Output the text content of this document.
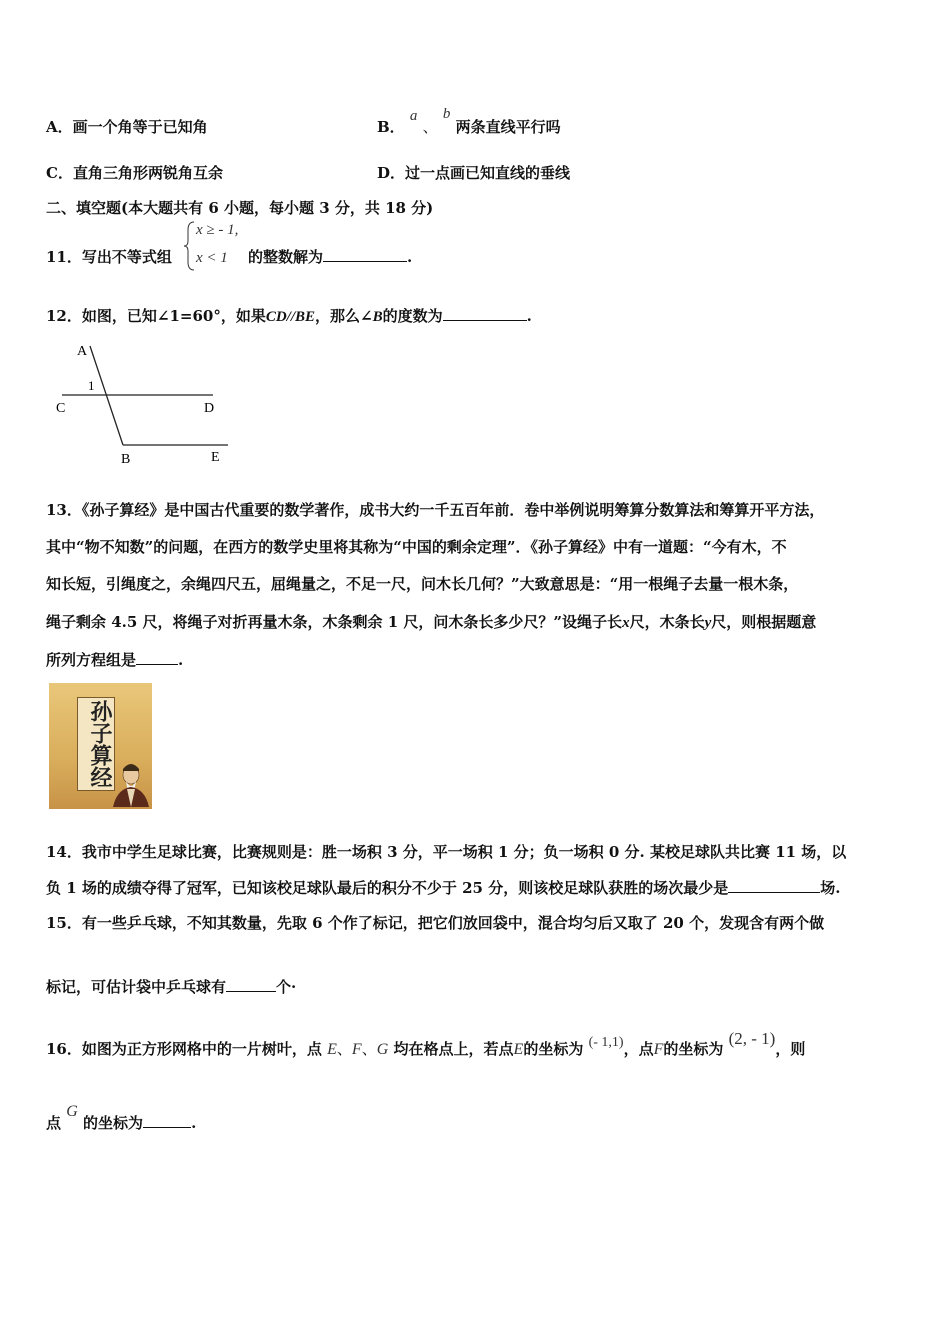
A．画一个角等于已知角	B． a 、 b 两条直线平行吗
C．直角三角形两锐角互余	D．过一点画已知直线的垂线
二、填空题(本大题共有 6 小题，每小题 3 分，共 18 分)
11．写出不等式组
x ≥ - 1,
x < 1 的整数解为	.
12．如图，已知∠1=60°，如果CD//BE，那么∠B的度数为	.
A
1
C	D
B	E
13．《孙子算经》是中国古代重要的数学著作，成书大约一千五百年前．卷中举例说明筹算分数算法和筹算开平方法，
其中“物不知数”的问题，在西方的数学史里将其称为“中国的剩余定理”．《孙子算经》中有一道题：“今有木，不
知长短，引绳度之，余绳四尺五，屈绳量之，不足一尺，问木长几何？”大致意思是：“用一根绳子去量一根木条，
绳子剩余 4.5 尺，将绳子对折再量木条，木条剩余 1 尺，问木条长多少尺？”设绳子长x尺，木条长y尺，则根据题意
所列方程组是	.
孙子算经
14．我市中学生足球比赛，比赛规则是：胜一场积 3 分，平一场积 1 分；负一场积 0 分. 某校足球队共比赛 11 场，以
负 1 场的成绩夺得了冠军，已知该校足球队最后的积分不少于 25 分，则该校足球队获胜的场次最少是	场.
15．有一些乒乓球，不知其数量，先取 6 个作了标记，把它们放回袋中，混合均匀后又取了 20 个，发现含有两个做
标记，可估计袋中乒乓球有	个·
16．如图为正方形网格中的一片树叶，点 E、F、G 均在格点上，若点E的坐标为 (- 1,1)，点F的坐标为 (2, - 1)，则
点 G 的坐标为	.
